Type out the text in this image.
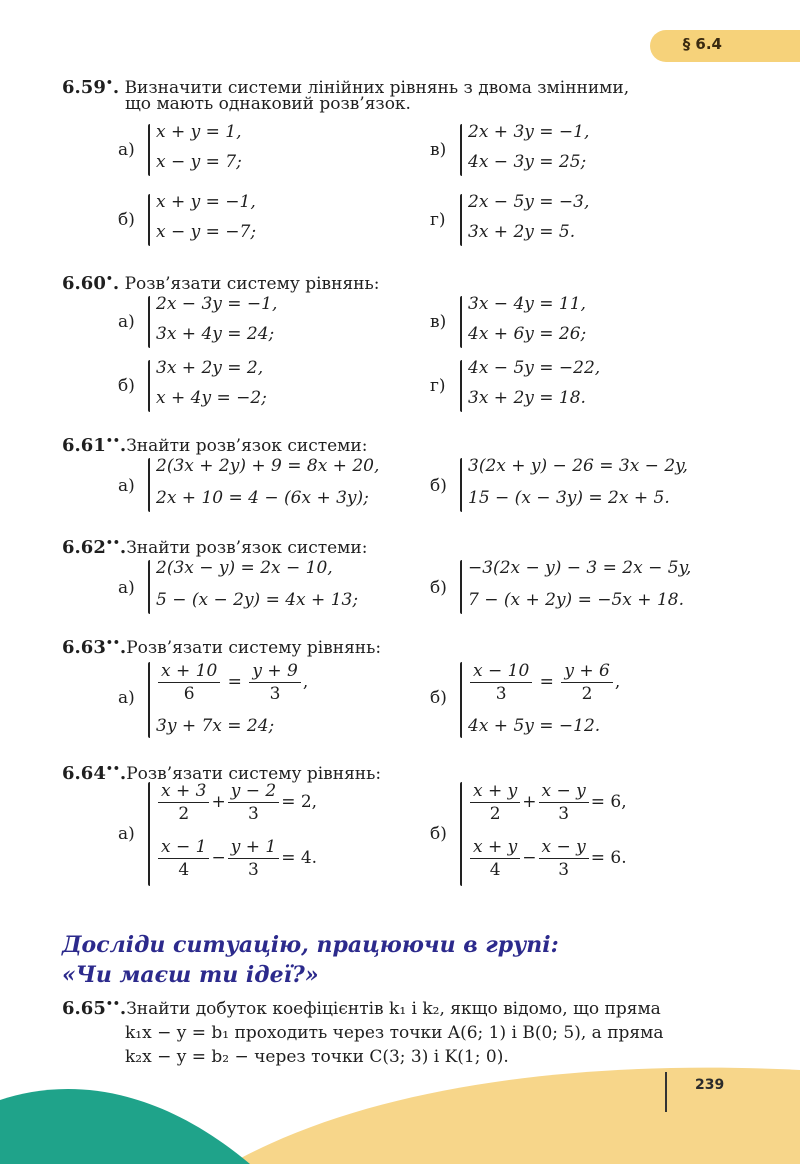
§ 6.4
6.59•. Визначити системи лінійних рівнянь з двома змінними,
що мають однаковий розв’язок.
а)
x + y = 1,
x − y = 7;
в)
2x + 3y = −1,
4x − 3y = 25;
б)
x + y = −1,
x − y = −7;
г)
2x − 5y = −3,
3x + 2y = 5.
6.60•. Розв’язати систему рівнянь:
а)
2x − 3y = −1,
3x + 4y = 24;
в)
3x − 4y = 11,
4x + 6y = 26;
б)
3x + 2y = 2,
x + 4y = −2;
г)
4x − 5y = −22,
3x + 2y = 18.
6.61••.Знайти розв’язок системи:
а)
2(3x + 2y) + 9 = 8x + 20,
2x + 10 = 4 − (6x + 3y);
б)
3(2x + y) − 26 = 3x − 2y,
15 − (x − 3y) = 2x + 5.
6.62••.Знайти розв’язок системи:
а)
2(3x − y) = 2x − 10,
5 − (x − 2y) = 4x + 13;
б)
−3(2x − y) − 3 = 2x − 5y,
7 − (x + 2y) = −5x + 18.
6.63••.Розв’язати систему рівнянь:
$а) \frac{x + 10}{6} = \frac{y + 9}{3}$ ,
3y + 7x = 24;
$б) \frac{x - 10}{3} = \frac{y + 6}{2}$ ,
4x + 5y = −12.
6.64••.Розв’язати систему рівнянь:
а)
$\frac{x + 3}{2} + \frac{y - 2}{3} = 2$,
$\frac{x - 1}{4} - \frac{y + 1}{3} = 4$.
б)
$\frac{x + y}{2} + \frac{x - y}{3} = 6$,
$\frac{x + y}{4} - \frac{x - y}{3} = 6$.
Досліди ситуацію, працюючи в групі:
«Чи маєш ти ідеї?»
6.65••.Знайти добуток коефіцієнтів k₁ і k₂, якщо відомо, що пряма
k₁x − y = b₁ проходить через точки A(6; 1) і B(0; 5), а пряма
k₂x − y = b₂ − через точки C(3; 3) і K(1; 0).
239
